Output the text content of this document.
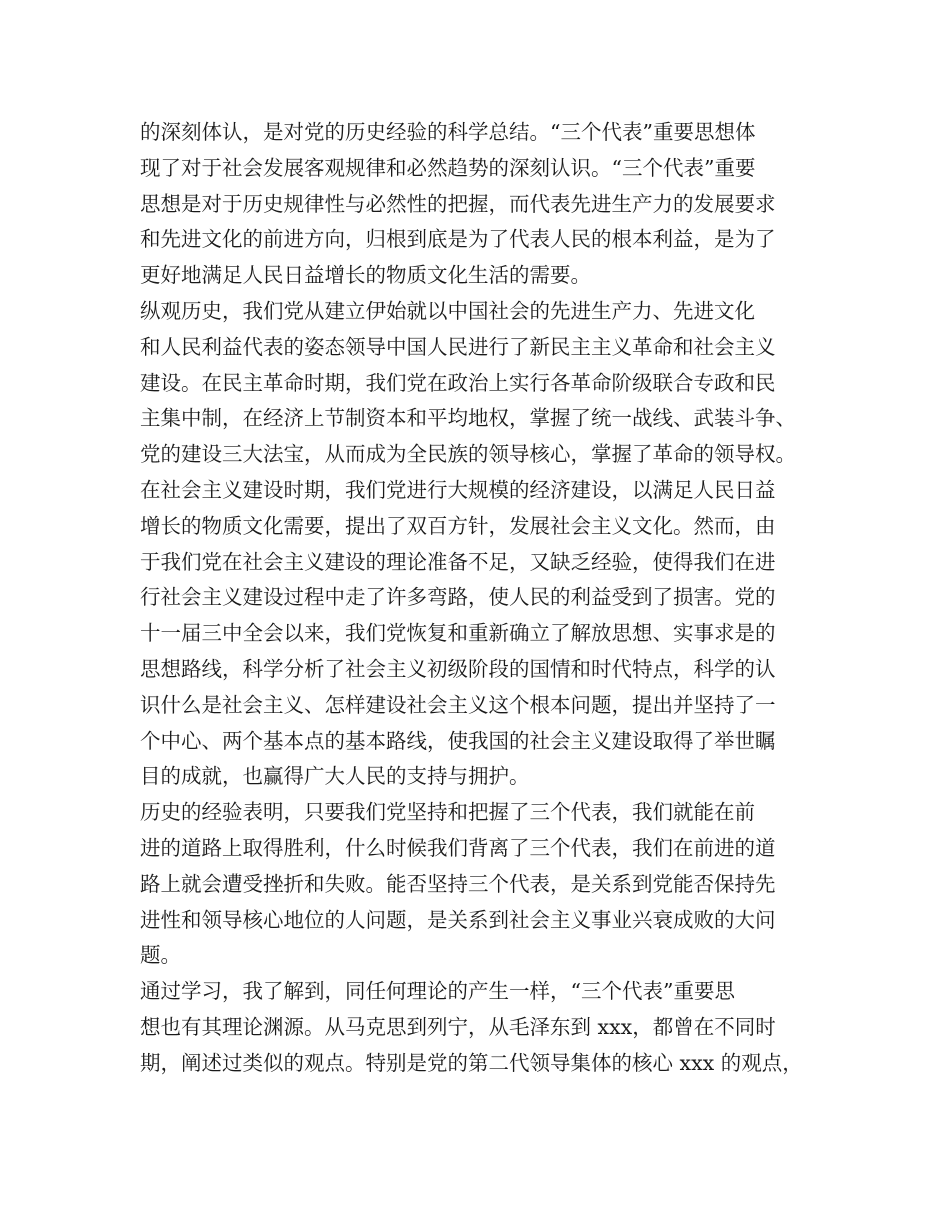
的深刻体认，是对党的历史经验的科学总结。“三个代表”重要思想体
现了对于社会发展客观规律和必然趋势的深刻认识。“三个代表”重要
思想是对于历史规律性与必然性的把握，而代表先进生产力的发展要求
和先进文化的前进方向，归根到底是为了代表人民的根本利益，是为了
更好地满足人民日益增长的物质文化生活的需要。
纵观历史，我们党从建立伊始就以中国社会的先进生产力、先进文化
和人民利益代表的姿态领导中国人民进行了新民主主义革命和社会主义
建设。在民主革命时期，我们党在政治上实行各革命阶级联合专政和民
主集中制，在经济上节制资本和平均地权，掌握了统一战线、武装斗争、
党的建设三大法宝，从而成为全民族的领导核心，掌握了革命的领导权。
在社会主义建设时期，我们党进行大规模的经济建设，以满足人民日益
增长的物质文化需要，提出了双百方针，发展社会主义文化。然而，由
于我们党在社会主义建设的理论准备不足，又缺乏经验，使得我们在进
行社会主义建设过程中走了许多弯路，使人民的利益受到了损害。党的
十一届三中全会以来，我们党恢复和重新确立了解放思想、实事求是的
思想路线，科学分析了社会主义初级阶段的国情和时代特点，科学的认
识什么是社会主义、怎样建设社会主义这个根本问题，提出并坚持了一
个中心、两个基本点的基本路线，使我国的社会主义建设取得了举世瞩
目的成就，也赢得广大人民的支持与拥护。
历史的经验表明，只要我们党坚持和把握了三个代表，我们就能在前
进的道路上取得胜利，什么时候我们背离了三个代表，我们在前进的道
路上就会遭受挫折和失败。能否坚持三个代表，是关系到党能否保持先
进性和领导核心地位的人问题，是关系到社会主义事业兴衰成败的大问
题。
通过学习，我了解到，同任何理论的产生一样，“三个代表”重要思
想也有其理论渊源。从马克思到列宁，从毛泽东到 xxx，都曾在不同时
期，阐述过类似的观点。特别是党的第二代领导集体的核心 xxx 的观点，
